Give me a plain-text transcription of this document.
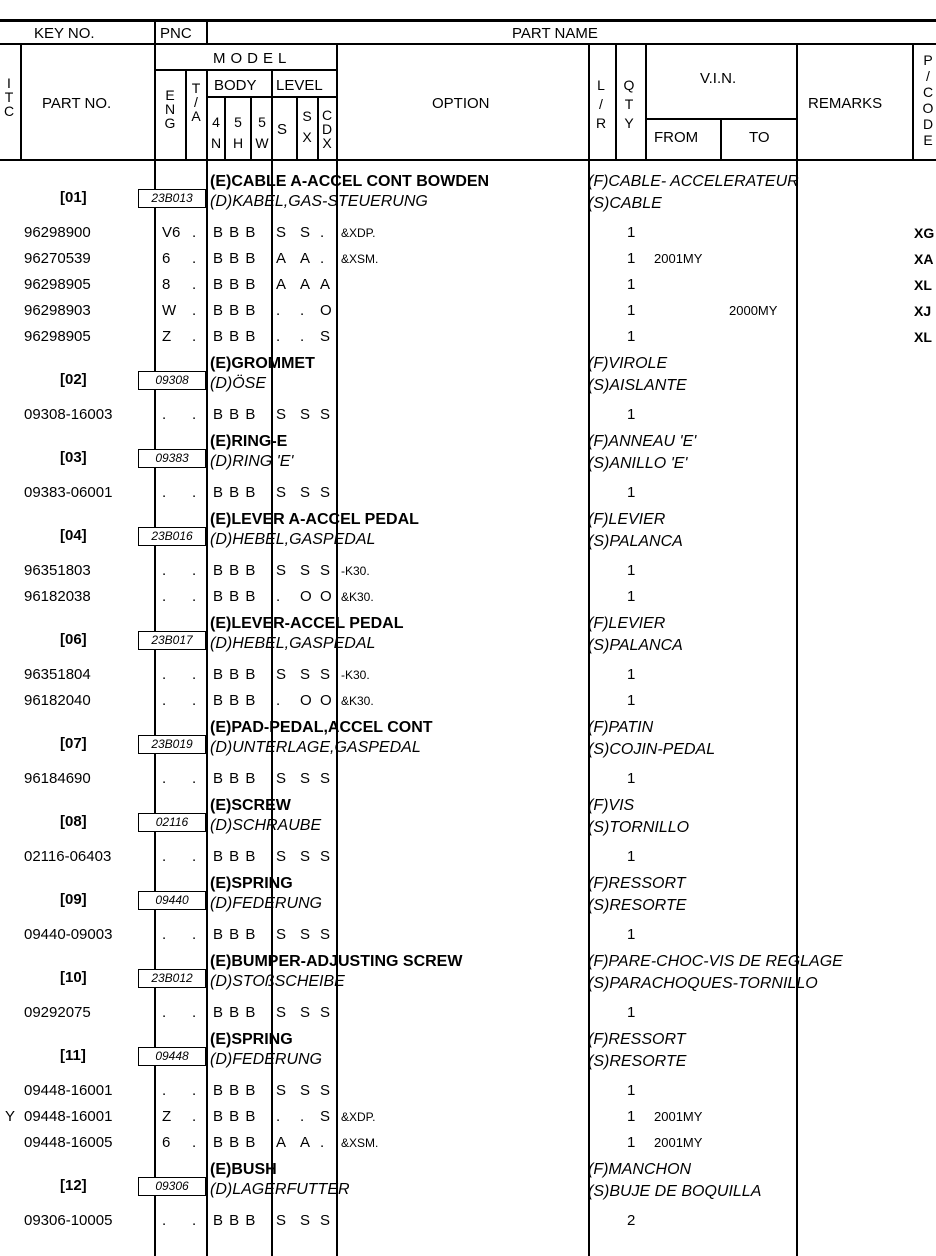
KEY NO.	PNC	PART NAME
MODEL
BODY LEVEL
OPTION
V.I.N.
FROM	TO
REMARKS
PART NO.
I
T
C
E
N
G
T
/
A 4
N
5
H
5
W
S
S
X
C
D
X
L
/
R
Q
T
Y
P
/
C
O
D
E
(E)CABLE A-ACCEL CONT BOWDEN	(F)CABLE- ACCELERATEUR
(D)KABEL,GAS-STEUERUNG	(S)CABLE
[01]	23B013
96298900	V6 . B B B S S . &XDP.	1	XG
96270539	6 . B B B A A . &XSM.	1 2001MY	XA
96298905	8 . B B B A A A	1	XL
96298903	W . B B B . . O	1	2000MY	XJ
96298905	Z . B B B . . S	1	XL
(E)GROMMET	(F)VIROLE
(D)ÖSE	(S)AISLANTE
[02]	09308
09308-16003	. . B B B S S S	1
(E)RING-E	(F)ANNEAU 'E'
(D)RING 'E'	(S)ANILLO 'E'
[03]	09383
09383-06001	. . B B B S S S	1
(E)LEVER A-ACCEL PEDAL	(F)LEVIER
(D)HEBEL,GASPEDAL	(S)PALANCA
[04]	23B016
96351803	. . B B B S S S -K30.	1
96182038	. . B B B . O O &K30.	1
(E)LEVER-ACCEL PEDAL	(F)LEVIER
(D)HEBEL,GASPEDAL	(S)PALANCA
[06]	23B017
96351804	. . B B B S S S -K30.	1
96182040	. . B B B . O O &K30.	1
(E)PAD-PEDAL,ACCEL CONT	(F)PATIN
(D)UNTERLAGE,GASPEDAL	(S)COJIN-PEDAL
[07]	23B019
96184690	. . B B B S S S	1
(E)SCREW	(F)VIS
(D)SCHRAUBE	(S)TORNILLO
[08]	02116
02116-06403	. . B B B S S S	1
(E)SPRING	(F)RESSORT
(D)FEDERUNG	(S)RESORTE
[09]	09440
09440-09003	. . B B B S S S	1
(E)BUMPER-ADJUSTING SCREW	(F)PARE-CHOC-VIS DE REGLAGE
(D)STOßSCHEIBE	(S)PARACHOQUES-TORNILLO
[10]	23B012
09292075	. . B B B S S S	1
(E)SPRING	(F)RESSORT
(D)FEDERUNG	(S)RESORTE
[11]	09448
09448-16001	. . B B B S S S	1
Y 09448-16001	Z . B B B . . S &XDP.	1 2001MY
09448-16005	6 . B B B A A . &XSM.	1 2001MY
(E)BUSH	(F)MANCHON
(D)LAGERFUTTER	(S)BUJE DE BOQUILLA
[12]	09306
09306-10005	. . B B B S S S	2
